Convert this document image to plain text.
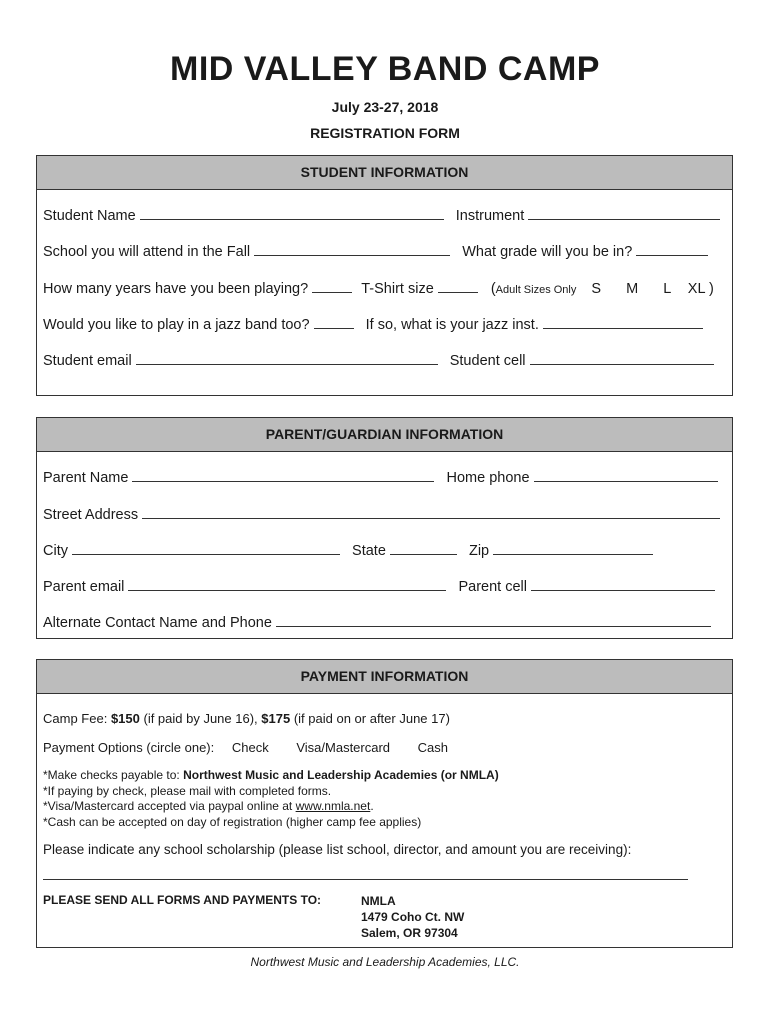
MID VALLEY BAND CAMP
July 23-27, 2018
REGISTRATION FORM
STUDENT INFORMATION
Student Name	Instrument
School you will attend in the Fall	What grade will you be in?
How many years have you been playing?	T-Shirt size	(Adult Sizes Only S M L XL )
Would you like to play in a jazz band too?	If so, what is your jazz inst.
Student email	Student cell
PARENT/GUARDIAN INFORMATION
Parent Name	Home phone
Street Address
City	State	Zip
Parent email	Parent cell
Alternate Contact Name and Phone
PAYMENT INFORMATION
Camp Fee: $150 (if paid by June 16), $175 (if paid on or after June 17)
Payment Options (circle one): Check Visa/Mastercard Cash
*Make checks payable to: Northwest Music and Leadership Academies (or NMLA)
*If paying by check, please mail with completed forms.
*Visa/Mastercard accepted via paypal online at www.nmla.net.
*Cash can be accepted on day of registration (higher camp fee applies)
Please indicate any school scholarship (please list school, director, and amount you are receiving):
PLEASE SEND ALL FORMS AND PAYMENTS TO:	NMLA
1479 Coho Ct. NW
Salem, OR 97304
Northwest Music and Leadership Academies, LLC.
